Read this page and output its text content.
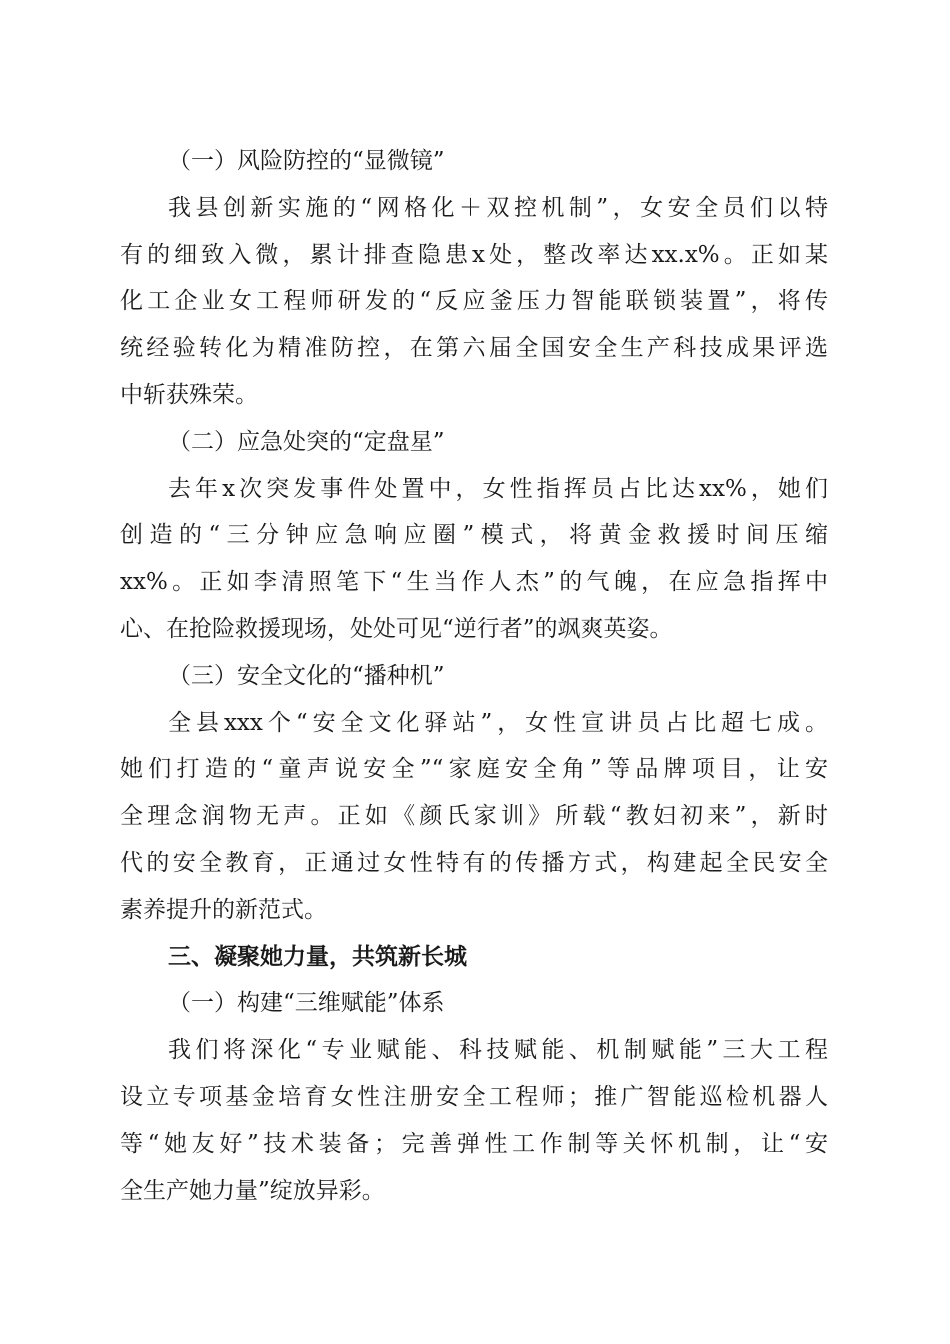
（一）风险防控的“显微镜”
我县创新实施的“网格化＋双控机制”，女安全员们以特
有的细致入微，累计排查隐患x处，整改率达xx.x%。正如某
化工企业女工程师研发的“反应釜压力智能联锁装置”，将传
统经验转化为精准防控，在第六届全国安全生产科技成果评选
中斩获殊荣。
（二）应急处突的“定盘星”
去年x次突发事件处置中，女性指挥员占比达xx%，她们
创造的“三分钟应急响应圈”模式，将黄金救援时间压缩
xx%。正如李清照笔下“生当作人杰”的气魄，在应急指挥中
心、在抢险救援现场，处处可见“逆行者”的飒爽英姿。
（三）安全文化的“播种机”
全县xxx个“安全文化驿站”，女性宣讲员占比超七成。
她们打造的“童声说安全”“家庭安全角”等品牌项目，让安
全理念润物无声。正如《颜氏家训》所载“教妇初来”，新时
代的安全教育，正通过女性特有的传播方式，构建起全民安全
素养提升的新范式。
三、凝聚她力量，共筑新长城
（一）构建“三维赋能”体系
我们将深化“专业赋能、科技赋能、机制赋能”三大工程
设立专项基金培育女性注册安全工程师；推广智能巡检机器人
等“她友好”技术装备；完善弹性工作制等关怀机制，让“安
全生产她力量”绽放异彩。
